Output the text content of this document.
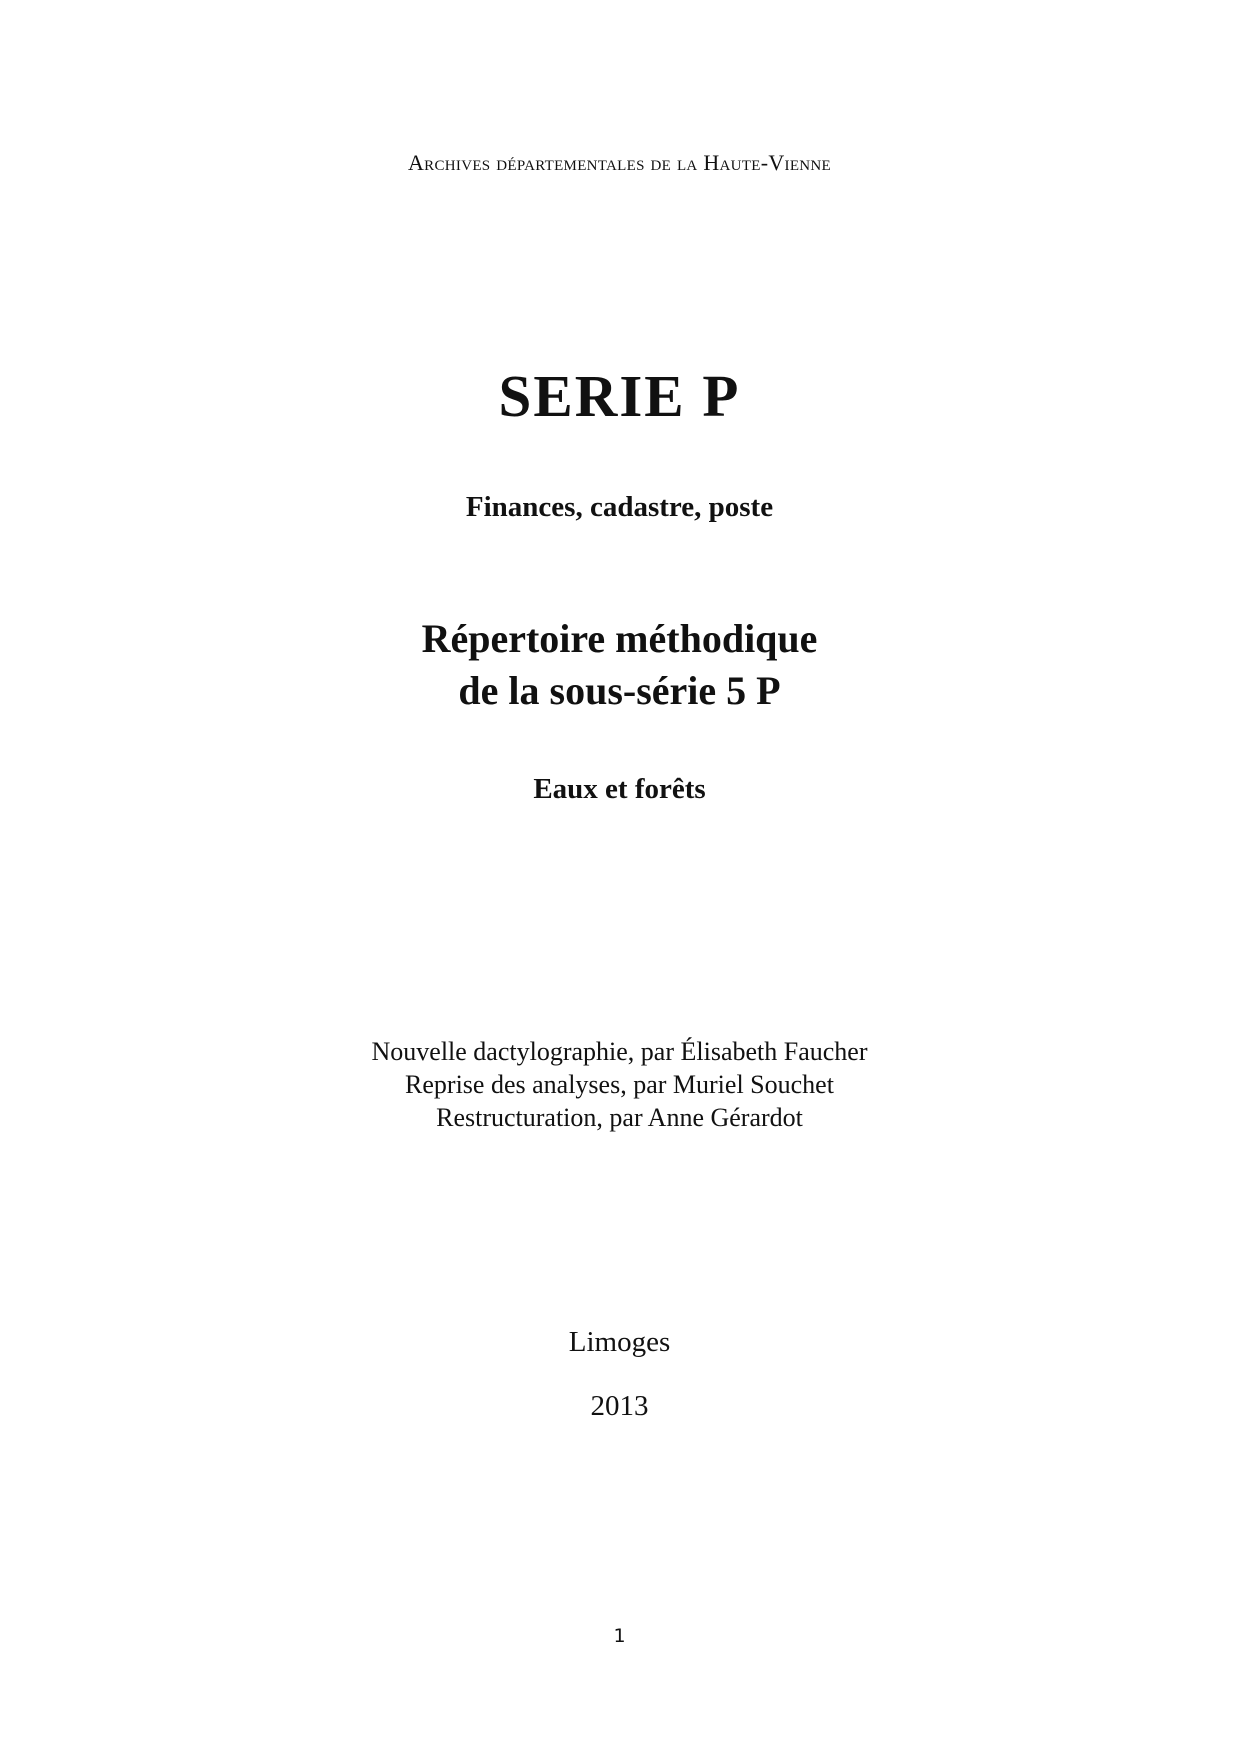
Archives départementales de la Haute-Vienne
SERIE P
Finances, cadastre, poste
Répertoire méthodique
de la sous-série 5 P
Eaux et forêts
Nouvelle dactylographie, par Élisabeth Faucher
Reprise des analyses, par Muriel Souchet
Restructuration, par Anne Gérardot
Limoges
2013
1
